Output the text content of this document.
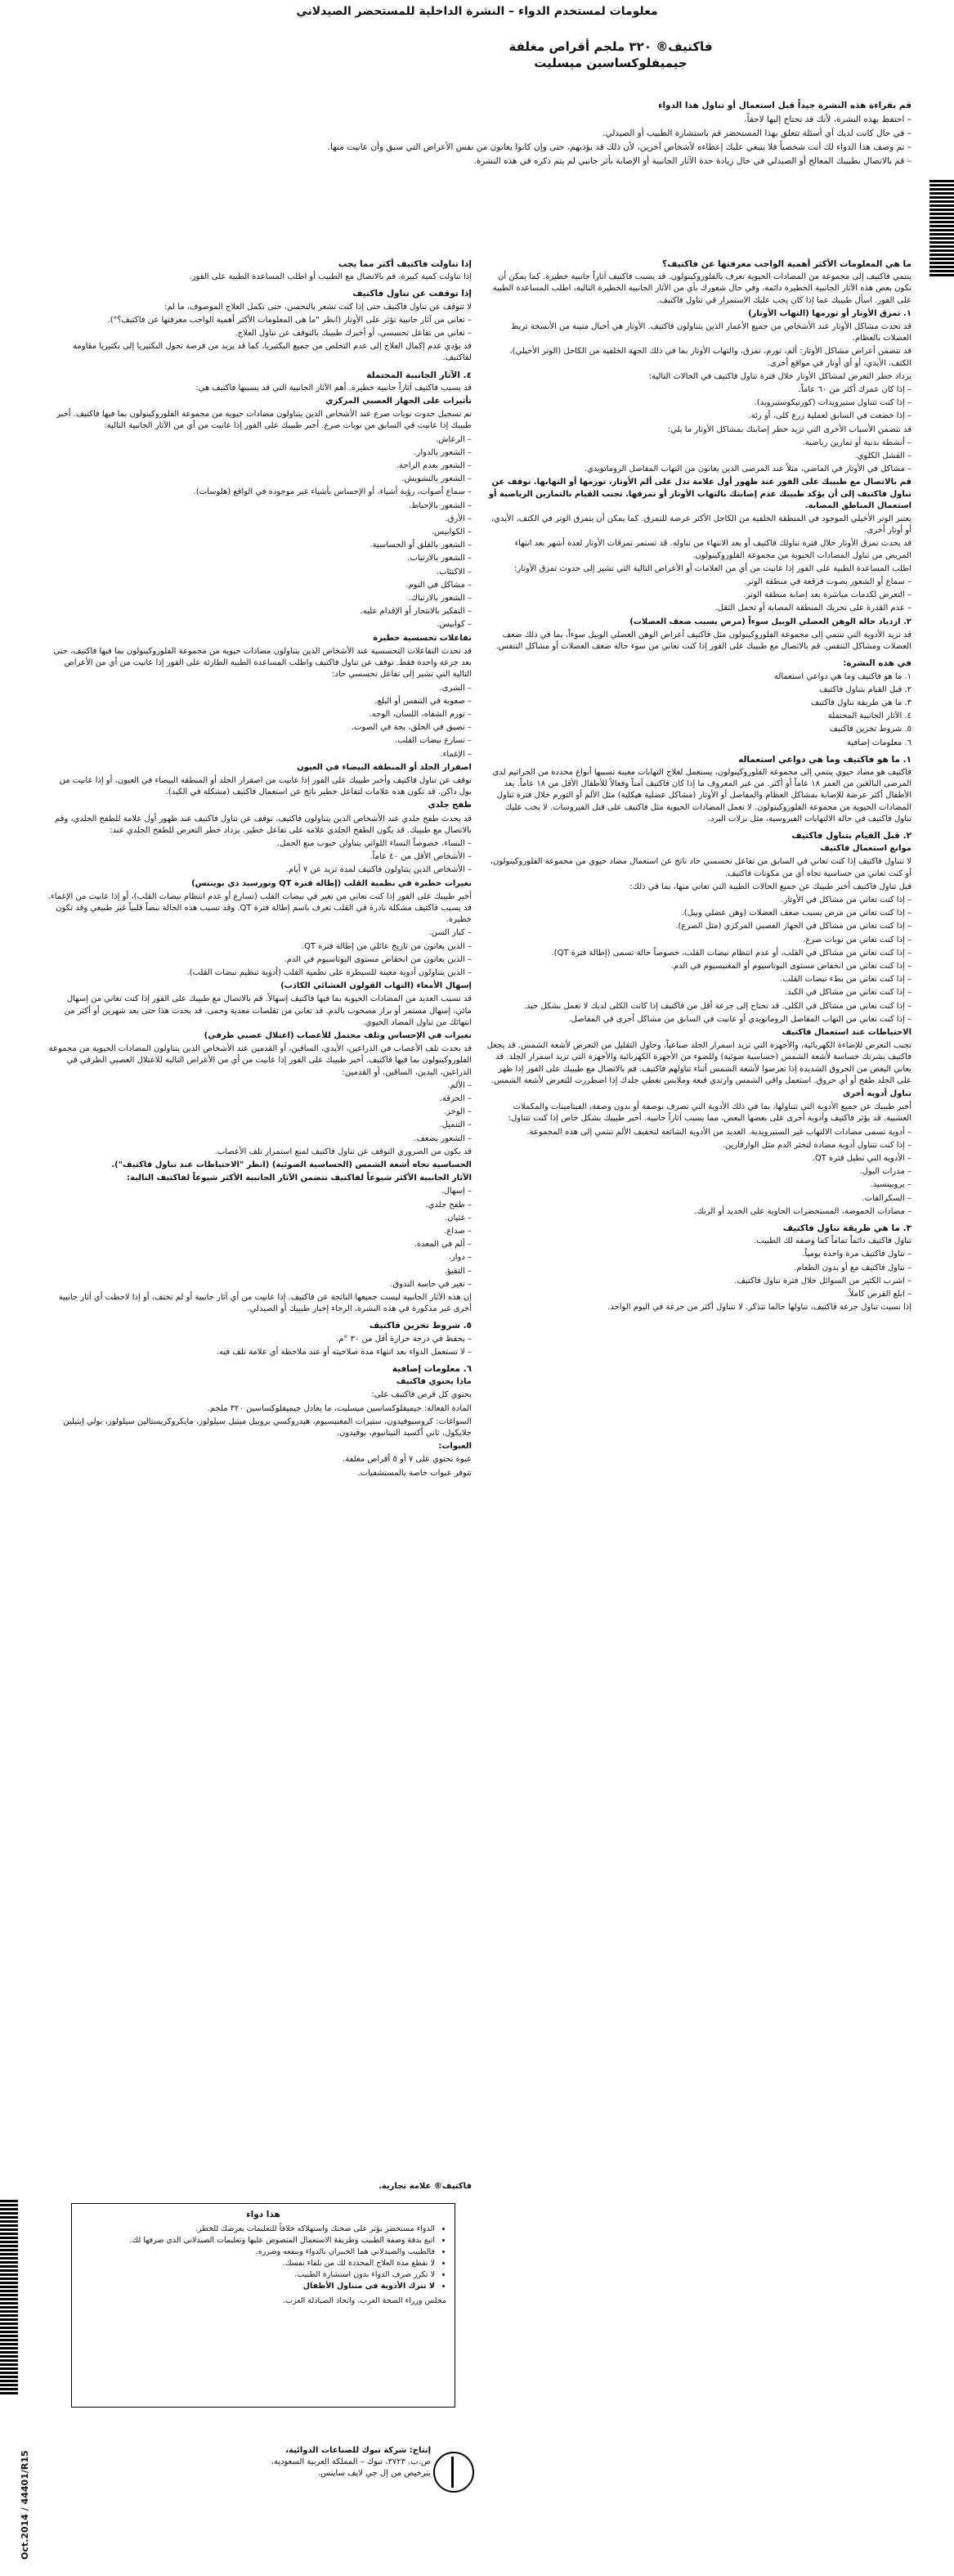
معلومات لمستخدم الدواء – النشرة الداخلية للمستحضر الصيدلاني
فاكتيف® ٣٢٠ ملجم أقراص مغلفة
جيميفلوكساسين ميسليت

قم بقراءة هذه النشرة جيداً قبل استعمال أو تناول هذا الدواء

– احتفظ بهذه النشرة، لأنك قد تحتاج إليها لاحقاً.

– في حال كانت لديك أي أسئلة تتعلق بهذا المستحضر قم باستشارة الطبيب أو الصيدلي.

– تم وصف هذا الدواء لك أنت شخصياً فلا ينبغي عليك إعطاءه لأشخاص آخرين، لأن ذلك قد يؤذيهم، حتى وإن كانوا يعانون من نفس الأعراض التي سبق وأن عانيت منها.

– قم بالاتصال بطبيبك المعالج أو الصيدلي في حال زيادة حدة الآثار الجانبية أو الإصابة بأثر جانبي لم يتم ذكره في هذه النشرة.

ما هي المعلومات الأكثر أهمية الواجب معرفتها عن فاكتيف؟

ينتمي فاكتيف إلى مجموعة من المضادات الحيوية تعرف بالفلوروكينولون. قد يسبب فاكتيف آثاراً جانبية خطيرة. كما يمكن أن تكون بعض هذه الآثار الجانبية الخطيرة دائمة، وفي حال شعورك بأي من الآثار الجانبية الخطيرة التالية، اطلب المساعدة الطبية على الفور. اسأل طبيبك عما إذا كان يجب عليك الاستمرار في تناول فاكتيف.

١. تمزق الأوتار أو تورمها (التهاب الأوتار)

قد تحدث مشاكل الأوتار عند الأشخاص من جميع الأعمار الذين يتناولون فاكتيف. الأوتار هي أحبال متينة من الأنسجة تربط العضلات بالعظام.

قد تتضمن أعراض مشاكل الأوتار: ألم، تورم، تمزق، والتهاب الأوتار بما في ذلك الجهة الخلفية من الكاحل (الوتر الأخيلي)، الكتف، الأيدي، أو أي أوتار في مواقع أخرى.

يزداد خطر التعرض لمشاكل الأوتار خلال فترة تناول فاكتيف في الحالات التالية:

– إذا كان عمرك أكثر من ٦٠ عاماً.

– إذا كنت تتناول ستيرويدات (كورتيكوستيرويد).

– إذا خضعت في السابق لعملية زرع كلى، أو رئة.

قد تتضمن الأسباب الأخرى التي تزيد خطر إصابتك بمشاكل الأوتار ما يلي:

– أنشطة بدنية أو تمارين رياضية.

– الفشل الكلوي.

– مشاكل في الأوتار في الماضي، مثلاً عند المرضى الذين يعانون من التهاب المفاصل الروماتويدي.

قم بالاتصال مع طبيبك على الفور عند ظهور أول علامة تدل على ألم الأوتار، تورمها أو التهابها. توقف عن تناول فاكتيف إلى أن يؤكد طبيبك عدم إصابتك بالتهاب الأوتار أو تمزقها. تجنب القيام بالتمارين الرياضية أو استعمال المناطق المصابة.

يعتبر الوتر الأخيلي الموجود في المنطقة الخلفية من الكاحل الأكثر عرضة للتمزق. كما يمكن أن يتمزق الوتر في الكتف، الأيدي، أو أوتار أخرى.

قد يحدث تمزق الأوتار خلال فترة تناولك فاكتيف أو بعد الانتهاء من تناوله. قد تستمر تمزقات الأوتار لعدة أشهر بعد انتهاء المريض من تناول المضادات الحيوية من مجموعة الفلوروكينولون.

اطلب المساعدة الطبية على الفور إذا عانيت من أي من العلامات أو الأعراض التالية التي تشير إلى حدوث تمزق الأوتار:

– سماع أو الشعور بصوت فرقعة في منطقة الوتر.

– التعرض لكدمات مباشرة بعد إصابة منطقة الوتر.

– عدم القدرة على تحريك المنطقة المصابة أو تحمل الثقل.

٢. ازدياد حالة الوهن العضلي الوبيل سوءاً (مرض يسبب ضعف العضلات)

قد تزيد الأدوية التي تنتمي إلى مجموعة الفلوروكينولون مثل فاكتيف أعراض الوهن العضلي الوبيل سوءاً، بما في ذلك ضعف العضلات ومشاكل التنفس. قم بالاتصال مع طبيبك على الفور إذا كنت تعاني من سوء حالة ضعف العضلات أو مشاكل التنفس.

في هذه النشرة:

١. ما هو فاكتيف وما هي دواعي استعماله

٢. قبل القيام بتناول فاكتيف

٣. ما هي طريقة تناول فاكتيف

٤. الآثار الجانبية المحتملة

٥. شروط تخزين فاكتيف

٦. معلومات إضافية

١. ما هو فاكتيف وما هي دواعي استعماله

فاكتيف هو مضاد حيوي ينتمي إلى مجموعة الفلوروكينولون، يستعمل لعلاج التهابات معينة تسببها أنواع محددة من الجراثيم لدى المرضى البالغين من العمر ١٨ عاماً أو أكثر. من غير المعروف ما إذا كان فاكتيف آمناً وفعالاً للأطفال الأقل من ١٨ عاماً. يعد الأطفال أكثر عرضة للإصابة بمشاكل العظام والمفاصل أو الأوتار (مشاكل عضلية هيكلية) مثل الألم أو التورم خلال فترة تناول المضادات الحيوية من مجموعة الفلوروكينولون. لا تعمل المضادات الحيوية مثل فاكتيف على قتل الفيروسات. لا يجب عليك تناول فاكتيف في حالة الالتهابات الفيروسية، مثل نزلات البرد.

٢. قبل القيام بتناول فاكتيف

موانع استعمال فاكتيف

لا تتناول فاكتيف إذا كنت تعاني في السابق من تفاعل تحسسي حاد ناتج عن استعمال مضاد حيوي من مجموعة الفلوروكينولون، أو كنت تعاني من حساسية تجاه أي من مكونات فاكتيف.

قبل تناول فاكتيف أخبر طبيبك عن جميع الحالات الطبية التي تعاني منها، بما في ذلك:

– إذا كنت تعاني من مشاكل في الأوتار.

– إذا كنت تعاني من مرض يسبب ضعف العضلات (وهن عضلي وبيل).

– إذا كنت تعاني من مشاكل في الجهاز العصبي المركزي (مثل الصرع).

– إذا كنت تعاني من نوبات صرع.

– إذا كنت تعاني من مشاكل في القلب، أو عدم انتظام نبضات القلب، خصوصاً حالة تسمى (إطالة فترة QT).

– إذا كنت تعاني من انخفاض مستوى البوتاسيوم أو المغنيسيوم في الدم.

– إذا كنت تعاني من بطء نبضات القلب.

– إذا كنت تعاني من مشاكل في الكبد.

– إذا كنت تعاني من مشاكل في الكلى. قد تحتاج إلى جرعة أقل من فاكتيف إذا كانت الكلى لديك لا تعمل بشكل جيد.

– إذا كنت تعاني من التهاب المفاصل الروماتويدي أو عانيت في السابق من مشاكل أخرى في المفاصل.

الاحتياطات عند استعمال فاكتيف

تجنب التعرض للإضاءة الكهربائية، والأجهزة التي تزيد اسمرار الجلد صناعياً، وحاول التقليل من التعرض لأشعة الشمس. قد يجعل فاكتيف بشرتك حساسة لأشعة الشمس (حساسية ضوئية) وللضوء من الأجهزة الكهربائية والأجهزة التي تزيد اسمرار الجلد. قد يعاني البعض من الحروق الشديدة إذا تعرضوا لأشعة الشمس أثناء تناولهم فاكتيف. قم بالاتصال مع طبيبك على الفور إذا ظهر على الجلد طفح أو أي حروق. استعمل واقي الشمس وارتدي قبعة وملابس تغطي جلدك إذا اضطررت للتعرض لأشعة الشمس.

تناول أدوية أخرى

أخبر طبيبك عن جميع الأدوية التي تتناولها، بما في ذلك الأدوية التي تصرف بوصفة أو بدون وصفة، الفيتامينات والمكملات العشبية. قد يؤثر فاكتيف وأدوية أخرى على بعضها البعض، مما يسبب آثاراً جانبية. أخبر طبيبك بشكل خاص إذا كنت تتناول:

– أدوية تسمى مضادات الالتهاب غير الستيرويدية. العديد من الأدوية الشائعة لتخفيف الألم تنتمي إلى هذه المجموعة.

– إذا كنت تتناول أدوية مضادة لتخثر الدم مثل الوارفارين.

– الأدوية التي تطيل فترة QT.

– مدرات البول.

– بروبينسيد.

– السكرالفات.

– مضادات الحموضة، المستحضرات الحاوية على الحديد أو الزنك.

٣. ما هي طريقة تناول فاكتيف

تناول فاكتيف دائماً تماماً كما وصفه لك الطبيب.

– تناول فاكتيف مرة واحدة يومياً.

– تناول فاكتيف مع أو بدون الطعام.

– اشرب الكثير من السوائل خلال فترة تناول فاكتيف.

– ابلع القرص كاملاً.

إذا نسيت تناول جرعة فاكتيف، تناولها حالما تتذكر. لا تتناول أكثر من جرعة في اليوم الواحد.

إذا تناولت فاكتيف أكثر مما يجب

إذا تناولت كمية كبيرة، قم بالاتصال مع الطبيب أو اطلب المساعدة الطبية على الفور.

إذا توقفت عن تناول فاكتيف

لا تتوقف عن تناول فاكتيف حتى إذا كنت تشعر بالتحسن، حتى تكمل العلاج الموصوف، ما لم:

– تعاني من آثار جانبية تؤثر على الأوتار (انظر "ما هي المعلومات الأكثر أهمية الواجب معرفتها عن فاكتيف؟").

– تعاني من تفاعل تحسسي، أو أخبرك طبيبك بالتوقف عن تناول العلاج.

قد يؤدي عدم إكمال العلاج إلى عدم التخلص من جميع البكتيريا، كما قد يزيد من فرصة تحول البكتيريا إلى بكتيريا مقاومة لفاكتيف.

٤. الآثار الجانبية المحتملة

قد يسبب فاكتيف آثاراً جانبية خطيرة. أهم الآثار الجانبية التي قد يسببها فاكتيف هي:

تأثيرات على الجهاز العصبي المركزي

تم تسجيل حدوث نوبات صرع عند الأشخاص الذين يتناولون مضادات حيوية من مجموعة الفلوروكينولون بما فيها فاكتيف. أخبر طبيبك إذا عانيت في السابق من نوبات صرع. أخبر طبيبك على الفور إذا عانيت من أي من الآثار الجانبية التالية:

– الرعاش.

– الشعور بالدوار.

– الشعور بعدم الراحة.

– الشعور بالتشويش.

– سماع أصوات، رؤية أشياء، أو الإحساس بأشياء غير موجودة في الواقع (هلوسات).

– الشعور بالإحباط.

– الأرق.

– الكوابيس.

– الشعور بالقلق أو الحساسية.

– الشعور بالارتياب.

– الاكتئاب.

– مشاكل في النوم.

– الشعور بالارتباك.

– التفكير بالانتحار أو الإقدام عليه.

– كوابيس.

تفاعلات تحسسية خطيرة

قد تحدث التفاعلات التحسسية عند الأشخاص الذين يتناولون مضادات حيوية من مجموعة الفلوروكينولون بما فيها فاكتيف، حتى بعد جرعة واحدة فقط. توقف عن تناول فاكتيف واطلب المساعدة الطبية الطارئة على الفور إذا عانيت من أي من الأعراض التالية التي تشير إلى تفاعل تحسسي حاد:

– الشرى.

– صعوبة في التنفس أو البلع.

– تورم الشفاه، اللسان، الوجه.

– تضيق في الحلق، بحة في الصوت.

– تسارع نبضات القلب.

– الإغماء.

اصفرار الجلد أو المنطقة البيضاء في العيون

توقف عن تناول فاكتيف وأخبر طبيبك على الفور إذا عانيت من اصفرار الجلد أو المنطقة البيضاء في العيون، أو إذا عانيت من بول داكن. قد تكون هذه علامات لتفاعل خطير ناتج عن استعمال فاكتيف (مشكلة في الكبد).

طفح جلدي

قد يحدث طفح جلدي عند الأشخاص الذين يتناولون فاكتيف. توقف عن تناول فاكتيف عند ظهور أول علامة للطفح الجلدي، وقم بالاتصال مع طبيبك. قد يكون الطفح الجلدي علامة على تفاعل خطير. يزداد خطر التعرض للطفح الجلدي عند:

– النساء، خصوصاً النساء اللواتي يتناولن حبوب منع الحمل.

– الأشخاص الأقل من ٤٠ عاماً.

– الأشخاص الذين يتناولون فاكتيف لمدة تزيد عن ٧ أيام.

تغيرات خطيرة في نظمية القلب (إطالة فترة QT وتورسيد دي بوينتس)

أخبر طبيبك على الفور إذا كنت تعاني من تغير في نبضات القلب (تسارع أو عدم انتظام نبضات القلب)، أو إذا عانيت من الإغماء. قد يسبب فاكتيف مشكلة نادرة في القلب تعرف باسم إطالة فترة QT. وقد تسبب هذه الحالة نبضاً قلبياً غير طبيعي وقد تكون خطيرة.

– كبار السن.

– الذين يعانون من تاريخ عائلي من إطالة فترة QT.

– الذين يعانون من انخفاض مستوى البوتاسيوم في الدم.

– الذين يتناولون أدوية معينة للسيطرة على نظمية القلب (أدوية تنظيم نبضات القلب).

إسهال الأمعاء (التهاب القولون الغشائي الكاذب)

قد تسبب العديد من المضادات الحيوية بما فيها فاكتيف إسهالاً. قم بالاتصال مع طبيبك على الفور إذا كنت تعاني من إسهال مائي، إسهال مستمر أو براز مصحوب بالدم. قد تعاني من تقلصات معدية وحمى. قد يحدث هذا حتى بعد شهرين أو أكثر من انتهائك من تناول المضاد الحيوي.

تغيرات في الإحساس وتلف محتمل للأعصاب (اعتلال عصبي طرفي)

قد يحدث تلف الأعصاب في الذراعين، الأيدي، الساقين، أو القدمين عند الأشخاص الذين يتناولون المضادات الحيوية من مجموعة الفلوروكينولون بما فيها فاكتيف. أخبر طبيبك على الفور إذا عانيت من أي من الأعراض التالية للاعتلال العصبي الطرفي في الذراعين، اليدين، الساقين، أو القدمين:

– الألم.

– الحرقة.

– الوخز.

– التنميل.

– الشعور بضعف.

قد يكون من الضروري التوقف عن تناول فاكتيف لمنع استمرار تلف الأعصاب.

الحساسية تجاه أشعة الشمس (الحساسية الضوئية) (انظر "الاحتياطات عند تناول فاكتيف").

الآثار الجانبية الأكثر شيوعاً لفاكتيف تتضمن الآثار الجانبية الأكثر شيوعاً لفاكتيف التالية:

– إسهال.

– طفح جلدي.

– غثيان.

– صداع.

– ألم في المعدة.

– دوار.

– التقيؤ.

– تغير في حاسة التذوق.

إن هذه الآثار الجانبية ليست جميعها الناتجة عن فاكتيف. إذا عانيت من أي آثار جانبية أو لم تختف، أو إذا لاحظت أي آثار جانبية أخرى غير مذكورة في هذه النشرة، الرجاء إخبار طبيبك أو الصيدلي.

٥. شروط تخزين فاكتيف

– يحفظ في درجة حرارة أقل من ٣٠ °م.

– لا تستعمل الدواء بعد انتهاء مدة صلاحيته أو عند ملاحظة أي علامة تلف فيه.

٦. معلومات إضافية

ماذا يحتوي فاكتيف

يحتوي كل قرص فاكتيف على:

المادة الفعالة: جيميفلوكساسين ميسليت، ما يعادل جيميفلوكساسين ٣٢٠ ملجم.

السواغات: كروسبوفيدون، ستيرات المغنيسيوم، هيدروكسي بروبيل ميثيل سيلولوز، مايكروكريستالين سيلولوز، بولي إيثيلين جلايكول، ثاني أكسيد التيتانيوم، بوفيدون.

العبوات:

عبوة تحتوي على ٧ أو ٥ أقراص مغلفة.

تتوفر عبوات خاصة بالمستشفيات.

فاكتيف® علامة تجارية.
هذا دواء
• الدواء مستحضر يؤثر على صحتك واستهلاكه خلافاً للتعليمات يعرضك للخطر.
• اتبع بدقة وصفة الطبيب وطريقة الاستعمال المنصوص عليها وتعليمات الصيدلاني الذي صرفها لك.
• فالطبيب والصيدلاني هما الخبيران بالدواء وبنفعه وضرره.
• لا تقطع مدة العلاج المحددة لك من تلقاء نفسك.
• لا تكرر صرف الدواء بدون استشارة الطبيب.
• لا تترك الأدوية في متناول الأطفال
مجلس وزراء الصحة العرب، واتحاد الصيادلة العرب.
إنتاج: شركة تبوك للصناعات الدوائية،
ص.ب. ٣٧٢٣، تبوك – المملكة العربية السعودية،
بترخيص من إل جي لايف ساينس.
Oct.2014 / 44401/R15
